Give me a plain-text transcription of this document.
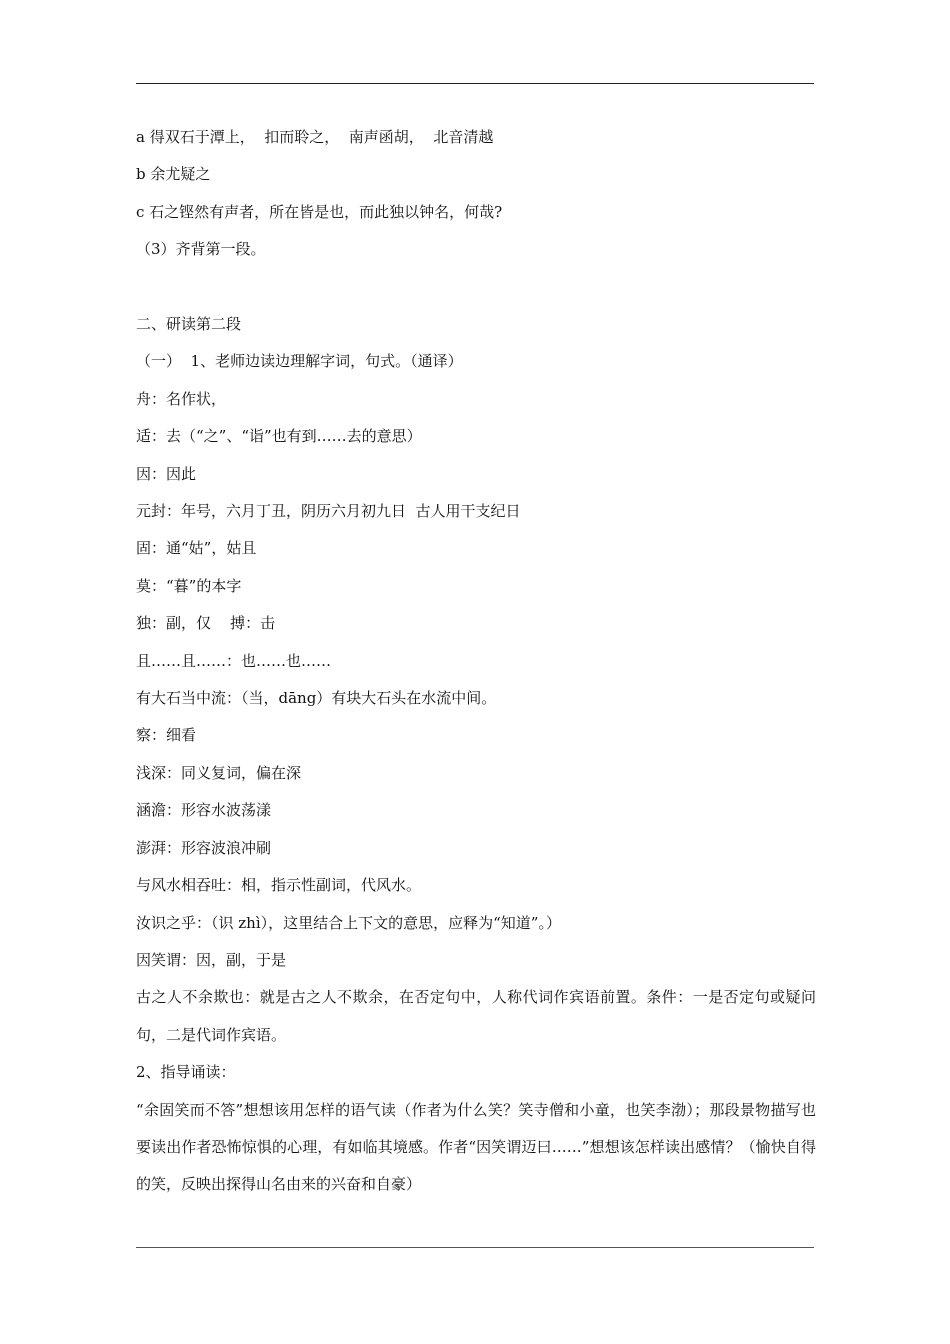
a 得双石于潭上，  扣而聆之，  南声函胡，  北音清越
b 余尤疑之
c 石之铿然有声者，所在皆是也，而此独以钟名，何哉?
（3）齐背第一段。
二、研读第二段
（一）  1、老师边读边理解字词，句式。（通译）
舟：名作状，
适：去（“之”、“诣”也有到……去的意思）
因：因此
元封：年号，六月丁丑，阴历六月初九日  古人用干支纪日
固：通“姑”，姑且
莫：“暮”的本字
独：副，仅    搏：击
且……且……：也……也……
有大石当中流：（当，dāng）有块大石头在水流中间。
察：细看
浅深：同义复词，偏在深
涵澹：形容水波荡漾
澎湃：形容波浪冲刷
与风水相吞吐：相，指示性副词，代风水。
汝识之乎：（识 zhì），这里结合上下文的意思，应释为“知道”。）
因笑谓：因，副，于是
古之人不余欺也：就是古之人不欺余，在否定句中，人称代词作宾语前置。条件：一是否定句或疑问句，二是代词作宾语。
2、指导诵读：
“余固笑而不答”想想该用怎样的语气读（作者为什么笑？笑寺僧和小童，也笑李渤）；那段景物描写也要读出作者恐怖惊惧的心理，有如临其境感。作者“因笑谓迈曰……”想想该怎样读出感情？（愉快自得的笑，反映出探得山名由来的兴奋和自豪）
